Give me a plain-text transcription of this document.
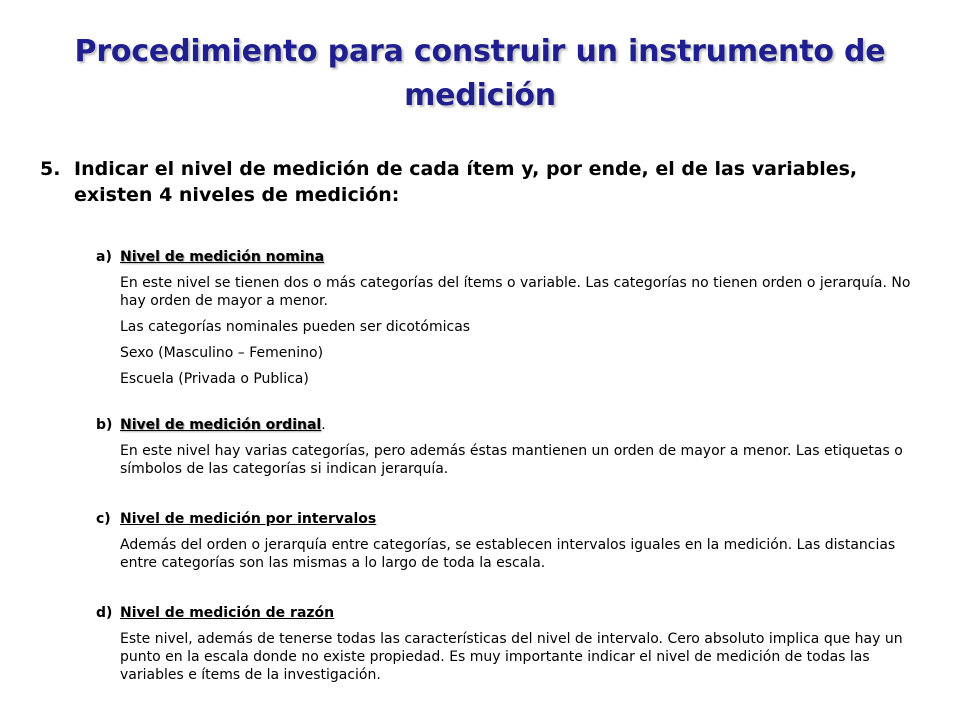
Procedimiento para construir un instrumento de medición
5. Indicar el nivel de medición de cada ítem y, por ende, el de las variables, existen 4 niveles de medición:
a) Nivel de medición nomina
En este nivel se tienen dos o más categorías del ítems o variable. Las categorías no tienen orden o jerarquía. No hay orden de mayor a menor.
Las categorías nominales pueden ser dicotómicas
Sexo (Masculino – Femenino)
Escuela (Privada o Publica)
b) Nivel de medición ordinal.
En este nivel hay varias categorías, pero además éstas mantienen un orden de mayor a menor. Las etiquetas o símbolos de las categorías si indican jerarquía.
c) Nivel de medición por intervalos
Además del orden o jerarquía entre categorías, se establecen intervalos iguales en la medición. Las distancias entre categorías son las mismas a lo largo de toda la escala.
d) Nivel de medición de razón
Este nivel, además de tenerse todas las características del nivel de intervalo. Cero absoluto implica que hay un punto en la escala donde no existe propiedad. Es muy importante indicar el nivel de medición de todas las variables e ítems de la investigación.
